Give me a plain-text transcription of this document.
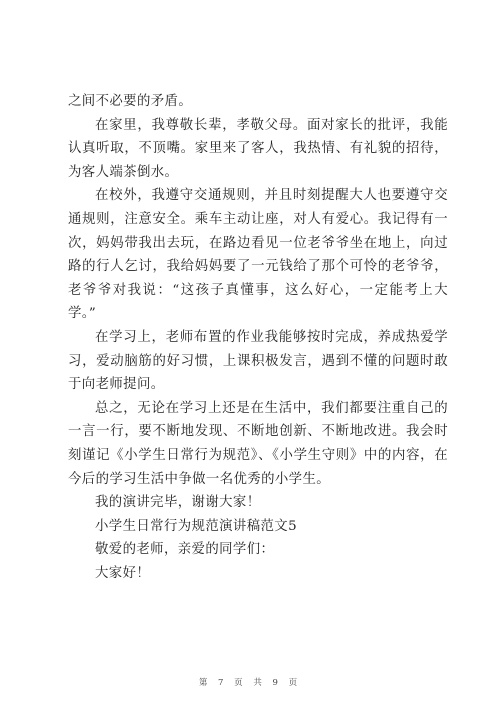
之间不必要的矛盾。

在家里，我尊敬长辈，孝敬父母。面对家长的批评，我能认真听取，不顶嘴。家里来了客人，我热情、有礼貌的招待，为客人端茶倒水。

在校外，我遵守交通规则，并且时刻提醒大人也要遵守交通规则，注意安全。乘车主动让座，对人有爱心。我记得有一次，妈妈带我出去玩，在路边看见一位老爷爷坐在地上，向过路的行人乞讨，我给妈妈要了一元钱给了那个可怜的老爷爷，老爷爷对我说：“这孩子真懂事，这么好心，一定能考上大学。”

在学习上，老师布置的作业我能够按时完成，养成热爱学习，爱动脑筋的好习惯，上课积极发言，遇到不懂的问题时敢于向老师提问。

总之，无论在学习上还是在生活中，我们都要注重自己的一言一行，要不断地发现、不断地创新、不断地改进。我会时刻谨记《小学生日常行为规范》、《小学生守则》中的内容，在今后的学习生活中争做一名优秀的小学生。

我的演讲完毕，谢谢大家！

小学生日常行为规范演讲稿范文5

敬爱的老师，亲爱的同学们：

大家好！

第 7 页 共 9 页
